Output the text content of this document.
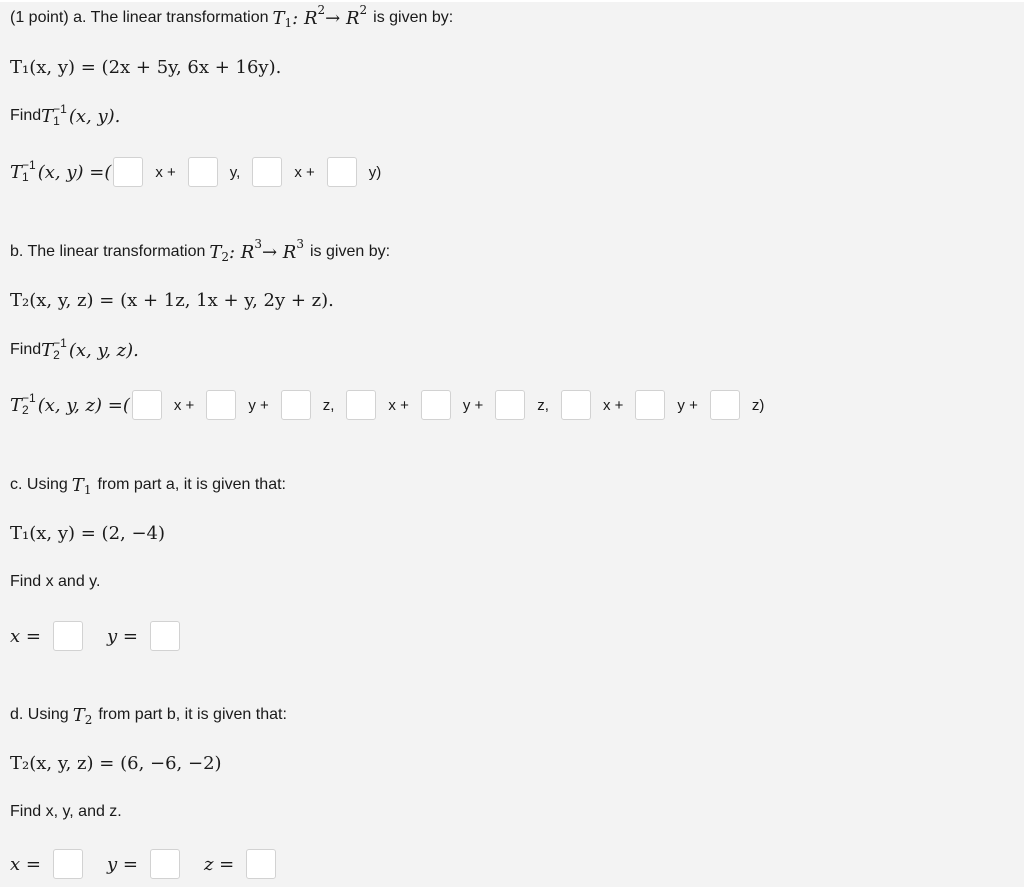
(1 point) a. The linear transformation T 1 : R 2 → R 2 is given by:
T₁(x, y) = (2x + 5y, 6x + 16y).
Find T −1
1 (x, y).
T −1
1 (x, y) =(	x +	y,	x +	y)
b. The linear transformation T 2 : R 3 → R 3 is given by:
T₂(x, y, z) = (x + 1z, 1x + y, 2y + z).
Find T −1
2 (x, y, z).
T −1
2 (x, y, z) =(	x +	y +	z,	x +	y +	z,	x +	y +	z)
c. Using T 1 from part a, it is given that:
T₁(x, y) = (2, −4)
Find x and y.
x =	y =
d. Using T 2 from part b, it is given that:
T₂(x, y, z) = (6, −6, −2)
Find x, y, and z.
x =	y =	z =
